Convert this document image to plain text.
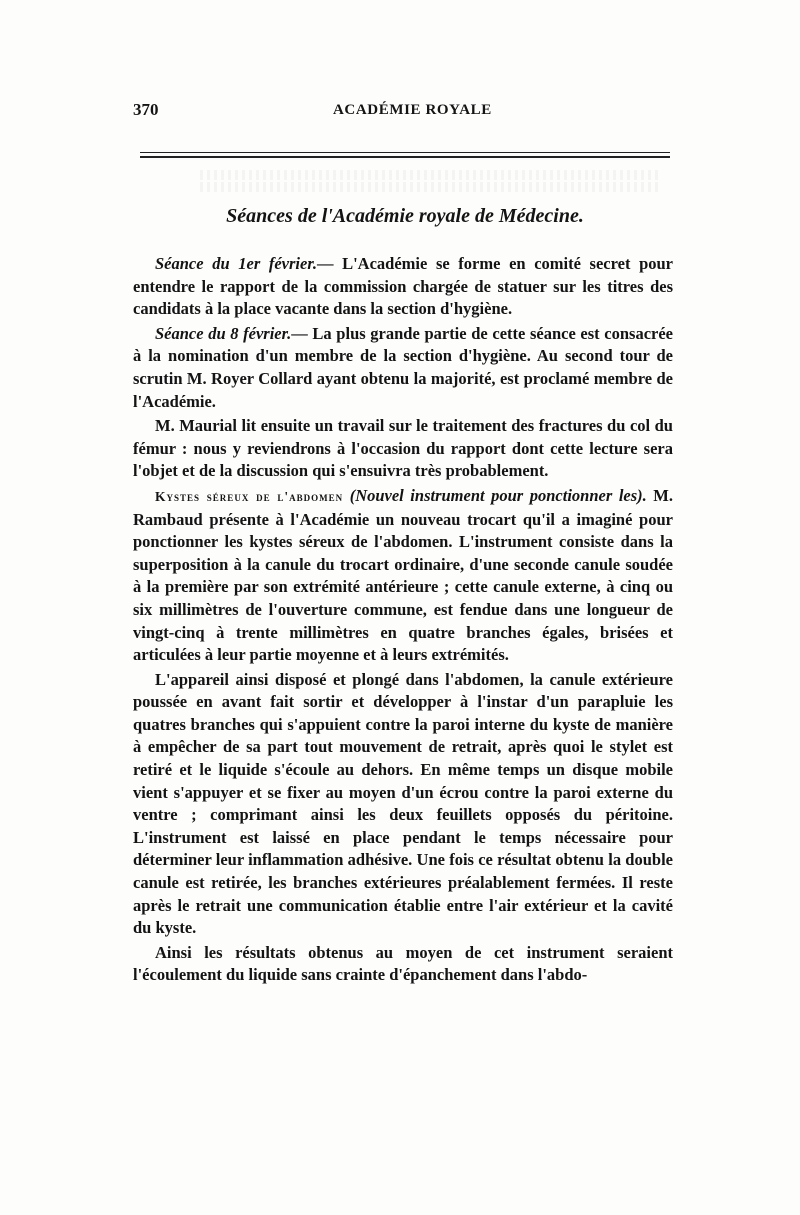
370	ACADÉMIE ROYALE
Séances de l'Académie royale de Médecine.

Séance du 1er février.— L'Académie se forme en comité secret pour entendre le rapport de la commission chargée de statuer sur les titres des candidats à la place vacante dans la section d'hygiène.

Séance du 8 février.— La plus grande partie de cette séance est consacrée à la nomination d'un membre de la section d'hygiène. Au second tour de scrutin M. Royer Collard ayant obtenu la majorité, est proclamé membre de l'Académie.

M. Maurial lit ensuite un travail sur le traitement des fractures du col du fémur : nous y reviendrons à l'occasion du rapport dont cette lecture sera l'objet et de la discussion qui s'ensuivra très probablement.

Kystes séreux de l'abdomen (Nouvel instrument pour ponctionner les). M. Rambaud présente à l'Académie un nouveau trocart qu'il a imaginé pour ponctionner les kystes séreux de l'abdomen. L'instrument consiste dans la superposition à la canule du trocart ordinaire, d'une seconde canule soudée à la première par son extrémité antérieure ; cette canule externe, à cinq ou six millimètres de l'ouverture commune, est fendue dans une longueur de vingt-cinq à trente millimètres en quatre branches égales, brisées et articulées à leur partie moyenne et à leurs extrémités.

L'appareil ainsi disposé et plongé dans l'abdomen, la canule extérieure poussée en avant fait sortir et développer à l'instar d'un parapluie les quatres branches qui s'appuient contre la paroi interne du kyste de manière à empêcher de sa part tout mouvement de retrait, après quoi le stylet est retiré et le liquide s'écoule au dehors. En même temps un disque mobile vient s'appuyer et se fixer au moyen d'un écrou contre la paroi externe du ventre ; comprimant ainsi les deux feuillets opposés du péritoine. L'instrument est laissé en place pendant le temps nécessaire pour déterminer leur inflammation adhésive. Une fois ce résultat obtenu la double canule est retirée, les branches extérieures préalablement fermées. Il reste après le retrait une communication établie entre l'air extérieur et la cavité du kyste.

Ainsi les résultats obtenus au moyen de cet instrument seraient l'écoulement du liquide sans crainte d'épanchement dans l'abdo-
